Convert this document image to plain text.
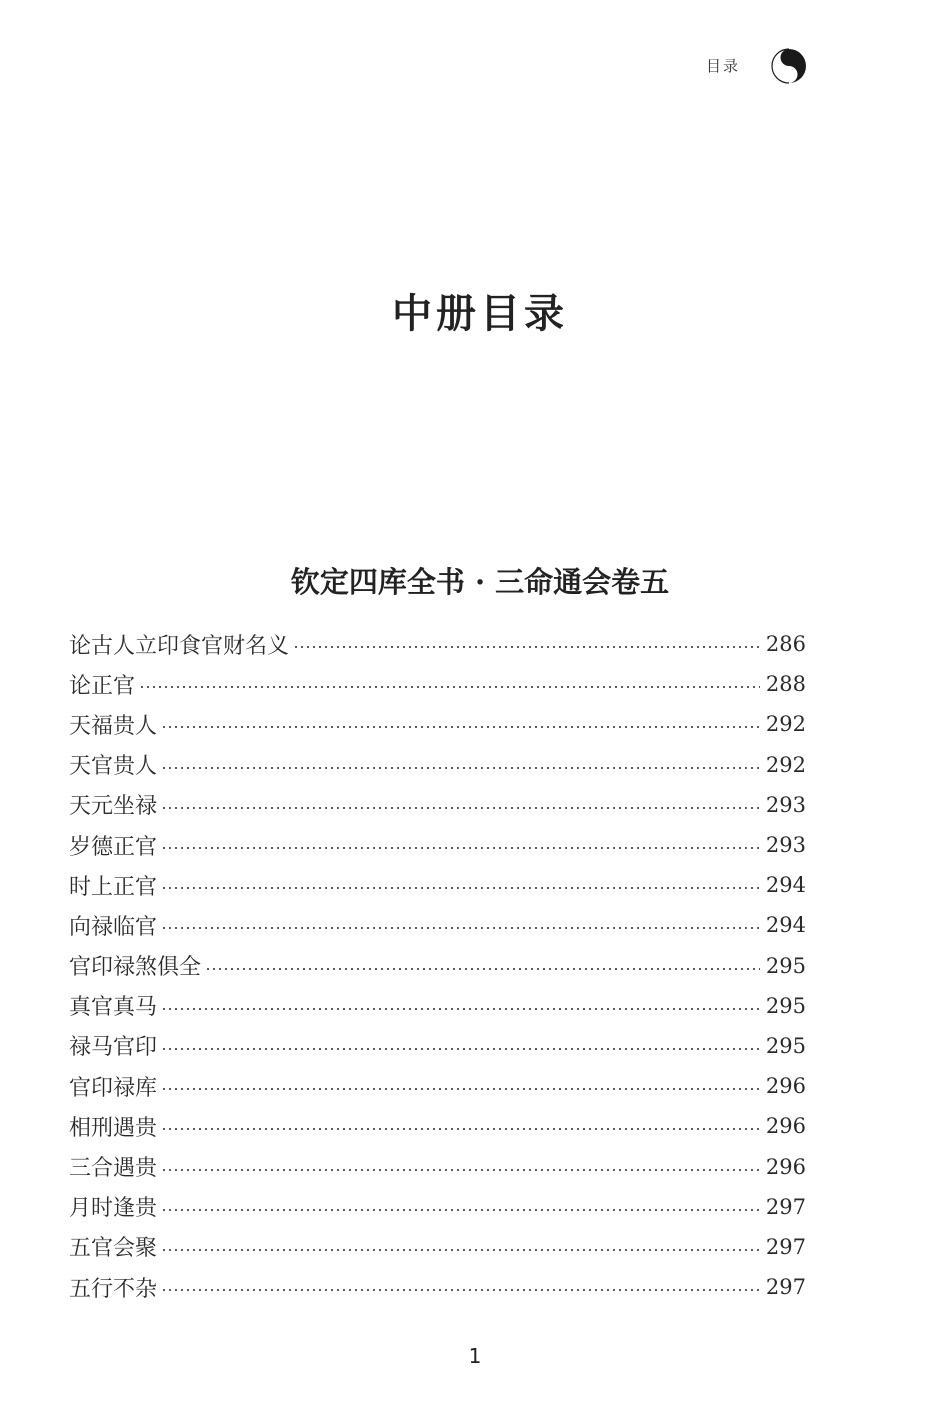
目录
中册目录
钦定四库全书 · 三命通会卷五
论古人立印食官财名义	286
论正官	288
天福贵人	292
天官贵人	292
天元坐禄	293
岁德正官	293
时上正官	294
向禄临官	294
官印禄煞俱全	295
真官真马	295
禄马官印	295
官印禄库	296
相刑遇贵	296
三合遇贵	296
月时逢贵	297
五官会聚	297
五行不杂	297
1
